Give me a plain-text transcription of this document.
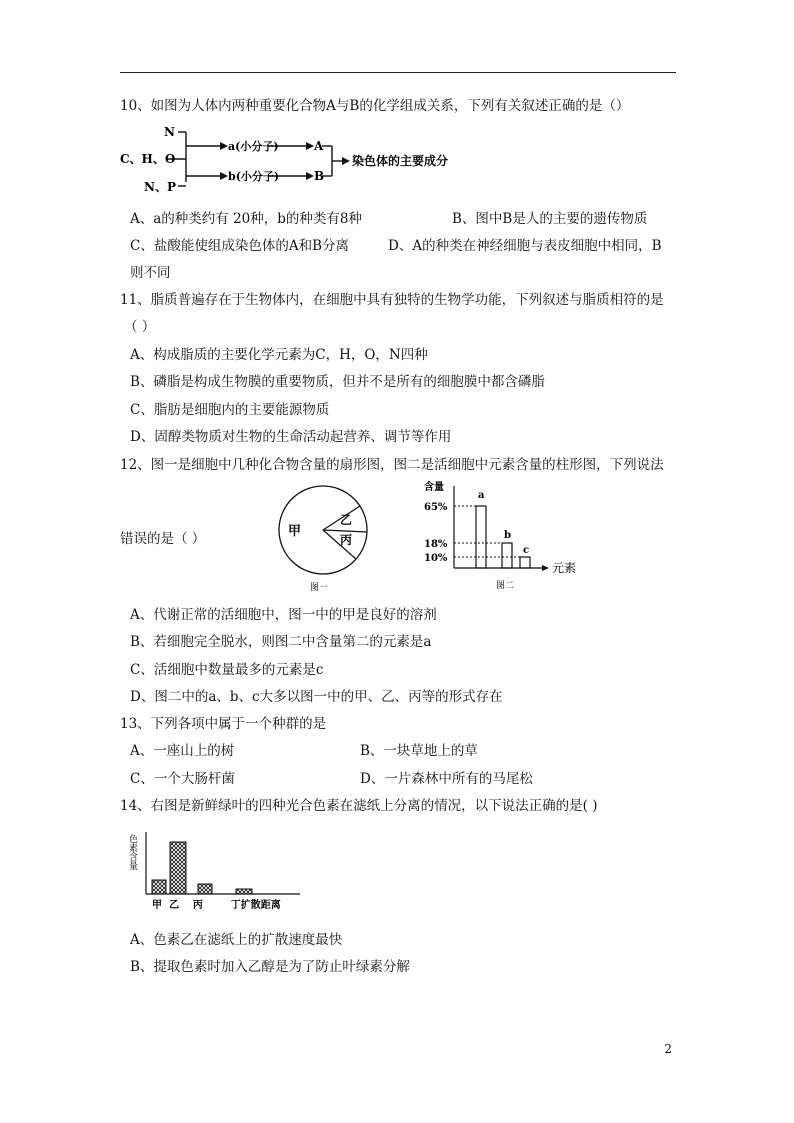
10、如图为人体内两种重要化合物A与B的化学组成关系，下列有关叙述正确的是（）
N
C、H、O
N、P
a(小分子)
b(小分子)
A
B
染色体的主要成分
A、a的种类约有 20种，b的种类有8种	B、图中B是人的主要的遗传物质
C、盐酸能使组成染色体的A和B分离	D、A的种类在神经细胞与表皮细胞中相同，B
则不同
11、脂质普遍存在于生物体内，在细胞中具有独特的生物学功能，下列叙述与脂质相符的是
（ ）
A、构成脂质的主要化学元素为C，H，O，N四种
B、磷脂是构成生物膜的重要物质，但并不是所有的细胞膜中都含磷脂
C、脂肪是细胞内的主要能源物质
D、固醇类物质对生物的生命活动起营养、调节等作用
12、图一是细胞中几种化合物含量的扇形图，图二是活细胞中元素含量的柱形图，下列说法
错误的是（ ）	甲
乙
丙
图一
含量
65%
18%
10%
a
b
c
元素
图二
A、代谢正常的活细胞中，图一中的甲是良好的溶剂
B、若细胞完全脱水，则图二中含量第二的元素是a
C、活细胞中数量最多的元素是c
D、图二中的a、b、c大多以图一中的甲、乙、丙等的形式存在
13、下列各项中属于一个种群的是
A、一座山上的树	B、一块草地上的草
C、一个大肠杆菌	D、一片森林中所有的马尾松
14、右图是新鲜绿叶的四种光合色素在滤纸上分离的情况，以下说法正确的是( )
色素含量
甲  乙    丙        丁扩散距离
A、色素乙在滤纸上的扩散速度最快
B、提取色素时加入乙醇是为了防止叶绿素分解
2
